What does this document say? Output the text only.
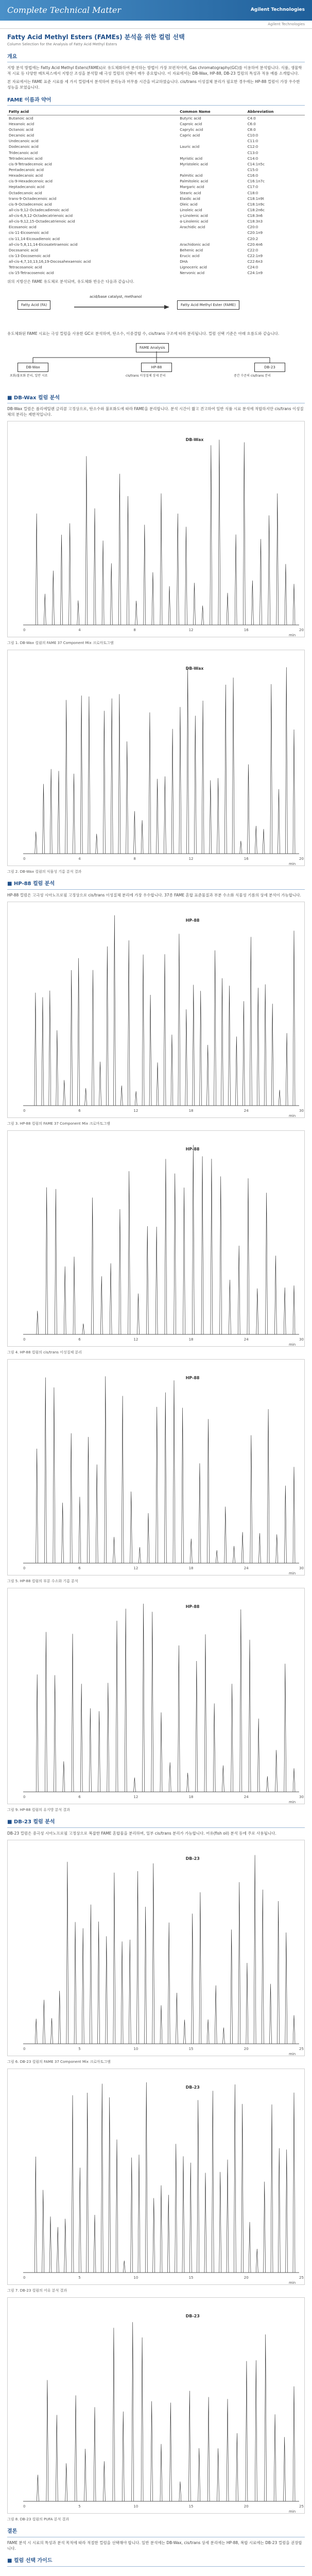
Complete Technical Matter	Agilent Technologies
Agilent Technologies
Fatty Acid Methyl Esters (FAMEs) 분석을 위한 컬럼 선택
Column Selection for the Analysis of Fatty Acid Methyl Esters
개요

지방 분석 방법에는 Fatty Acid Methyl Esters(FAMEs)로 유도체화하여 분석하는 방법이 가장 보편적이며, Gas chromatography(GC)를 이용하여 분석합니다. 식품, 생물학적 시료 등 다양한 매트릭스에서 지방산 조성을 분석할 때 극성 컬럼의 선택이 매우 중요합니다. 이 자료에서는 DB-Wax, HP-88, DB-23 컬럼의 특성과 적용 예를 소개합니다.

본 자료에서는 FAME 표준 시료를 세 가지 컬럼에서 분석하여 분리능과 머무름 시간을 비교하였습니다. cis/trans 이성질체 분리가 필요한 경우에는 HP-88 컬럼이 가장 우수한 성능을 보였습니다.

FAME 이름과 약어
Fatty acid	Common Name	Abbreviation
Butanoic acid	Butyric acid	C4:0
Hexanoic acid	Caproic acid	C6:0
Octanoic acid	Caprylic acid	C8:0
Decanoic acid	Capric acid	C10:0
Undecanoic acid		C11:0
Dodecanoic acid	Lauric acid	C12:0
Tridecanoic acid		C13:0
Tetradecanoic acid	Myristic acid	C14:0
cis-9-Tetradecenoic acid	Myristoleic acid	C14:1n5c
Pentadecanoic acid		C15:0
Hexadecanoic acid	Palmitic acid	C16:0
cis-9-Hexadecenoic acid	Palmitoleic acid	C16:1n7c
Heptadecanoic acid	Margaric acid	C17:0
Octadecanoic acid	Stearic acid	C18:0
trans-9-Octadecenoic acid	Elaidic acid	C18:1n9t
cis-9-Octadecenoic acid	Oleic acid	C18:1n9c
all-cis-9,12-Octadecadienoic acid	Linoleic acid	C18:2n6c
all-cis-6,9,12-Octadecatrienoic acid	γ-Linolenic acid	C18:3n6
all-cis-9,12,15-Octadecatrienoic acid	α-Linolenic acid	C18:3n3
Eicosanoic acid	Arachidic acid	C20:0
cis-11-Eicosenoic acid		C20:1n9
cis-11,14-Eicosadienoic acid		C20:2
all-cis-5,8,11,14-Eicosatetraenoic acid	Arachidonic acid	C20:4n6
Docosanoic acid	Behenic acid	C22:0
cis-13-Docosenoic acid	Erucic acid	C22:1n9
all-cis-4,7,10,13,16,19-Docosahexaenoic acid	DHA	C22:6n3
Tetracosanoic acid	Lignoceric acid	C24:0
cis-15-Tetracosenoic acid	Nervonic acid	C24:1n9

위의 지방산은 FAME 유도체로 분석되며, 유도체화 반응은 다음과 같습니다.

Fatty Acid (FA)
acid/base catalyst, methanol
Fatty Acid Methyl Ester (FAME)

유도체화된 FAME 시료는 극성 컬럼을 사용한 GC로 분석하며, 탄소수, 이중결합 수, cis/trans 구조에 따라 분리됩니다. 컬럼 선택 기준은 아래 흐름도와 같습니다.

FAME Analysis
DB-Wax	HP-88	DB-23
포화/불포화 분리, 일반 시료	cis/trans 이성질체 상세 분리	중간 수준의 cis/trans 분리
■ DB-Wax 컬럼 분석

DB-Wax 컬럼은 폴리에틸렌 글리콜 고정상으로, 탄소수와 불포화도에 따라 FAME을 분리합니다. 분석 시간이 짧고 견고하여 일반 식품 시료 분석에 적합하지만 cis/trans 이성질체의 분리는 제한적입니다.

0	4	8	12	16	20
min
DB-Wax
그림 1. DB-Wax 컬럼의 FAME 37 Component Mix 크로마토그램
0	4	8	12	16	20
min
DB-Wax
그림 2. DB-Wax 컬럼의 식물성 기름 분석 결과
■ HP-88 컬럼 분석

HP-88 컬럼은 고극성 시아노프로필 고정상으로 cis/trans 이성질체 분리에 가장 우수합니다. 37종 FAME 혼합 표준물질과 부분 수소화 식물성 기름의 상세 분석이 가능합니다.

0	6	12	18	24	30
min
HP-88
그림 3. HP-88 컬럼의 FAME 37 Component Mix 크로마토그램
0	6	12	18	24	30
min
HP-88
그림 4. HP-88 컬럼의 cis/trans 이성질체 분리
0	6	12	18	24	30
min
HP-88
그림 5. HP-88 컬럼의 부분 수소화 기름 분석
0	6	12	18	24	30
min
HP-88
그림 9. HP-88 컬럼의 유지방 분석 결과
■ DB-23 컬럼 분석

DB-23 컬럼은 중극성 시아노프로필 고정상으로 복잡한 FAME 혼합물을 분리하며, 일부 cis/trans 분리가 가능합니다. 어유(fish oil) 분석 등에 주로 사용됩니다.

0	5	10	15	20	25
min
DB-23
그림 6. DB-23 컬럼의 FAME 37 Component Mix 크로마토그램
0	5	10	15	20	25
min
DB-23
그림 7. DB-23 컬럼의 어유 분석 결과
0	5	10	15	20	25
min
DB-23
그림 8. DB-23 컬럼의 PUFA 분석 결과
결론

FAME 분석 시 시료의 특성과 분석 목적에 따라 적절한 컬럼을 선택해야 합니다. 일반 분석에는 DB-Wax, cis/trans 상세 분리에는 HP-88, 복합 시료에는 DB-23 컬럼을 권장합니다.

■ 컬럼 선택 가이드
